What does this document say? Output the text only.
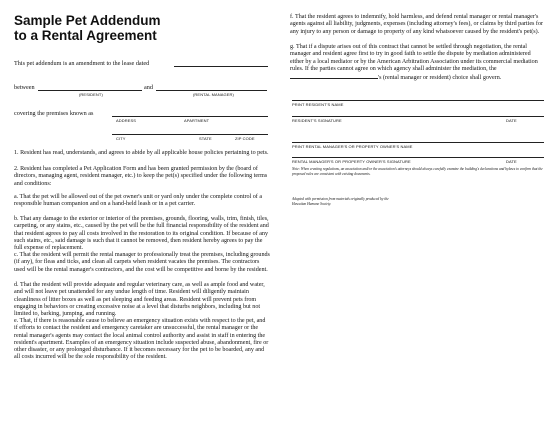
Sample Pet Addendum
to a Rental Agreement
This pet addendum is an amendment to the lease dated
between	and
(RESIDENT)	(RENTAL MANAGER)
covering the premises known as
ADDRESS	APARTMENT
CITY	STATE	ZIP CODE
1. Resident has read, understands, and agrees to abide by all applicable house policies pertaining to pets.
2. Resident has completed a Pet Application Form and has been granted permission by the (board of directors, managing agent, resident manager, etc.) to keep the pet(s) specified under the following terms and conditions:
a. That the pet will be allowed out of the pet owner's unit or yard only under the complete control of a responsible human companion and on a hand-held leash or in a pet carrier.
b. That any damage to the exterior or interior of the premises, grounds, flooring, walls, trim, finish, tiles, carpeting, or any stains, etc., caused by the pet will be the full financial responsibility of the resident and that resident agrees to pay all costs involved in the restoration to its original condition. If because of any such stains, etc., said damage is such that it cannot be removed, then resident hereby agrees to pay the full expense of replacement.
c. That the resident will permit the rental manager to professionally treat the premises, including grounds (if any), for fleas and ticks, and clean all carpets when resident vacates the premises. The contractors used will be the rental manager's contractors, and the cost will be competitive and borne by the resident.
d. That the resident will provide adequate and regular veterinary care, as well as ample food and water, and will not leave pet unattended for any undue length of time. Resident will diligently maintain cleanliness of litter boxes as well as pet sleeping and feeding areas. Resident will prevent pets from engaging in behaviors or creating excessive noise at a level that disturbs neighbors, including but not limited to, barking, jumping, and running.
e. That, if there is reasonable cause to believe an emergency situation exists with respect to the pet, and if efforts to contact the resident and emergency caretaker are unsuccessful, the rental manager or the rental manager's agents may contact the local animal control authority and assist in staff in entering the resident's apartment. Examples of an emergency situation include suspected abuse, abandonment, fire or other disaster, or any prolonged disturbance. If it becomes necessary for the pet to be boarded, any and all costs incurred will be the sole responsibility of the resident.
f. That the resident agrees to indemnify, hold harmless, and defend rental manager or rental manager's agents against all liability, judgments, expenses (including attorney's fees), or claims by third parties for any injury to any person or damage to property of any kind whatsoever caused by the resident's pet(s).
g. That if a dispute arises out of this contract that cannot be settled through negotiation, the rental manager and resident agree first to try in good faith to settle the dispute by mediation administered either by a local mediator or by the American Arbitration Association under its commercial mediation rules. If the parties cannot agree on which agency shall administer the mediation, the 's (rental manager or resident) choice shall govern.
PRINT RESIDENT'S NAME
RESIDENT'S SIGNATURE	DATE
PRINT RENTAL MANAGER'S OR PROPERTY OWNER'S NAME
RENTAL MANAGER'S OR PROPERTY OWNER'S SIGNATURE	DATE
Note: When creating regulations, an association and/or the association's attorneys should always carefully examine the building's declarations and bylaws to confirm that the proposed rules are consistent with existing documents.
Adapted with permission from materials originally produced by the Hawaiian Humane Society.
